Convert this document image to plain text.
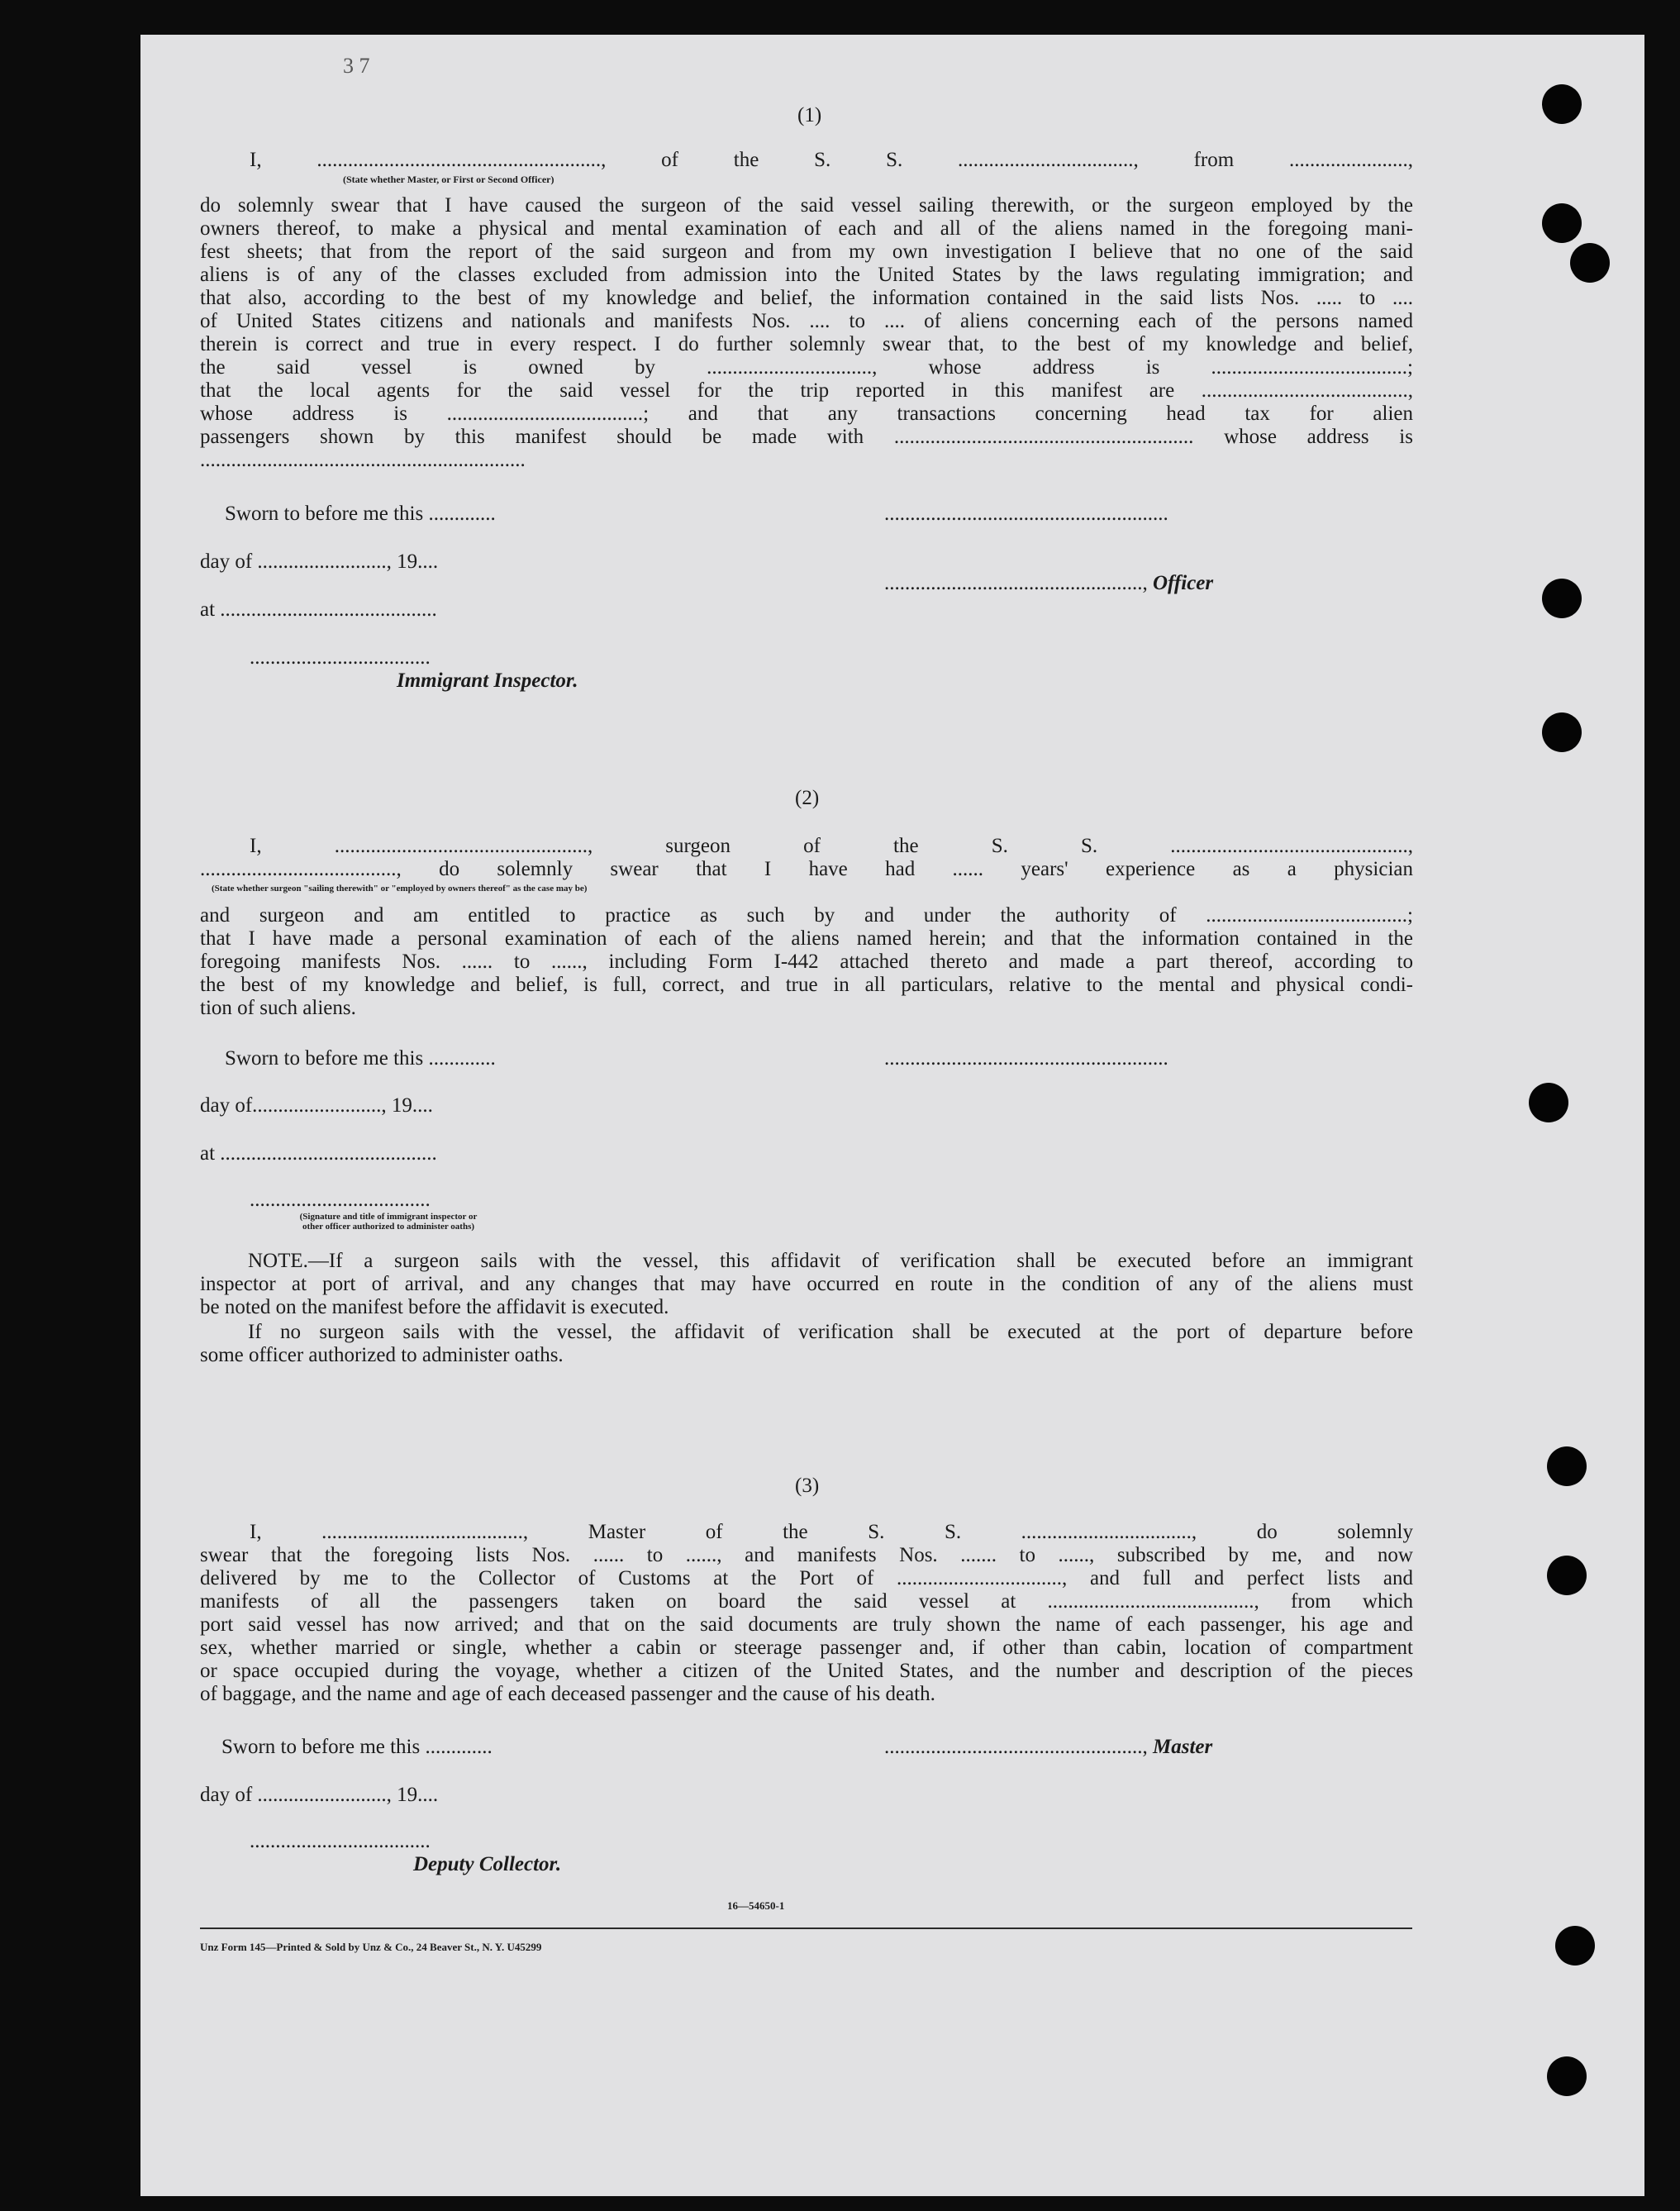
3 7
(1)
I, ......................................................., of the S. S. .................................., from .......................,
(State whether Master, or First or Second Officer)
do solemnly swear that I have caused the surgeon of the said vessel sailing therewith, or the surgeon employed by the
owners thereof, to make a physical and mental examination of each and all of the aliens named in the foregoing mani-
fest sheets; that from the report of the said surgeon and from my own investigation I believe that no one of the said
aliens is of any of the classes excluded from admission into the United States by the laws regulating immigration; and
that also, according to the best of my knowledge and belief, the information contained in the said lists Nos. ..... to ....
of United States citizens and nationals and manifests Nos. .... to .... of aliens concerning each of the persons named
therein is correct and true in every respect. I do further solemnly swear that, to the best of my knowledge and belief,
the said vessel is owned by ................................, whose address is ......................................;
that the local agents for the said vessel for the trip reported in this manifest are ........................................,
whose address is ......................................; and that any transactions concerning head tax for alien
passengers shown by this manifest should be made with .......................................................... whose address is
...............................................................
Sworn to before me this .............
day of ........................., 19....
at ..........................................
...................................
Immigrant Inspector.
.......................................................
.................................................., Officer
(2)
I, ................................................., surgeon of the S. S. ..............................................,
......................................, do solemnly swear that I have had ...... years' experience as a physician
(State whether surgeon "sailing therewith" or "employed by owners thereof" as the case may be)
and surgeon and am entitled to practice as such by and under the authority of .......................................;
that I have made a personal examination of each of the aliens named herein; and that the information contained in the
foregoing manifests Nos. ...... to ......, including Form I-442 attached thereto and made a part thereof, according to
the best of my knowledge and belief, is full, correct, and true in all particulars, relative to the mental and physical condi-
tion of such aliens.
Sworn to before me this .............	.......................................................
day of........................., 19....
at ..........................................
...................................
(Signature and title of immigrant inspector or
other officer authorized to administer oaths)
NOTE.—If a surgeon sails with the vessel, this affidavit of verification shall be executed before an immigrant
inspector at port of arrival, and any changes that may have occurred en route in the condition of any of the aliens must
be noted on the manifest before the affidavit is executed.
If no surgeon sails with the vessel, the affidavit of verification shall be executed at the port of departure before
some officer authorized to administer oaths.
(3)
I, ......................................., Master of the S. S. ................................., do solemnly
swear that the foregoing lists Nos. ...... to ......, and manifests Nos. ....... to ......, subscribed by me, and now
delivered by me to the Collector of Customs at the Port of ................................, and full and perfect lists and
manifests of all the passengers taken on board the said vessel at ........................................, from which
port said vessel has now arrived; and that on the said documents are truly shown the name of each passenger, his age and
sex, whether married or single, whether a cabin or steerage passenger and, if other than cabin, location of compartment
or space occupied during the voyage, whether a citizen of the United States, and the number and description of the pieces
of baggage, and the name and age of each deceased passenger and the cause of his death.
Sworn to before me this .............	.................................................., Master
day of ........................., 19....
...................................
Deputy Collector.
16—54650-1
Unz Form 145—Printed & Sold by Unz & Co., 24 Beaver St., N. Y. U45299
